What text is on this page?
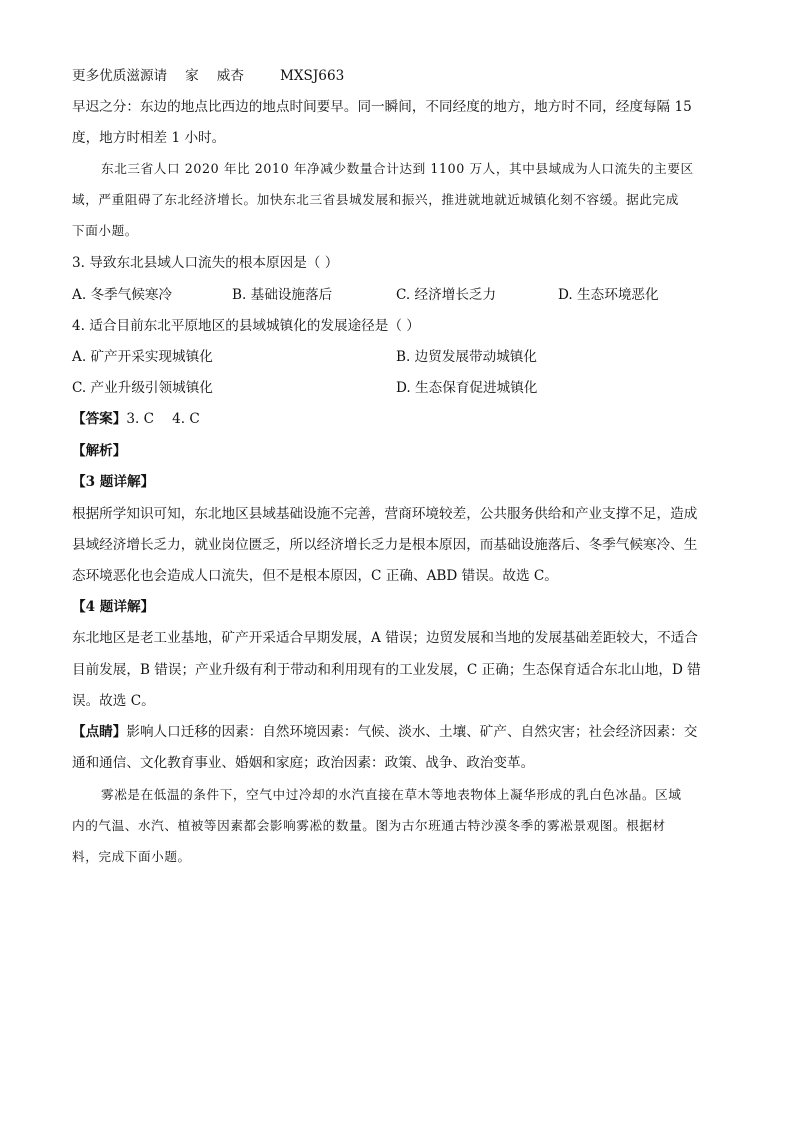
更多优质滋源请 家 威杏	MXSJ663
早迟之分：东边的地点比西边的地点时间要早。同一瞬间，不同经度的地方，地方时不同，经度每隔 15
度，地方时相差 1 小时。
东北三省人口 2020 年比 2010 年净减少数量合计达到 1100 万人，其中县域成为人口流失的主要区
域，严重阻碍了东北经济增长。加快东北三省县城发展和振兴，推进就地就近城镇化刻不容缓。据此完成
下面小题。
3. 导致东北县域人口流失的根本原因是（ ）
A. 冬季气候寒冷	B. 基础设施落后	C. 经济增长乏力	D. 生态环境恶化
4. 适合目前东北平原地区的县域城镇化的发展途径是（ ）
A. 矿产开采实现城镇化	B. 边贸发展带动城镇化
C. 产业升级引领城镇化	D. 生态保育促进城镇化
【答案】3. C 4. C
【解析】
【3 题详解】
根据所学知识可知，东北地区县域基础设施不完善，营商环境较差，公共服务供给和产业支撑不足，造成
县域经济增长乏力，就业岗位匮乏，所以经济增长乏力是根本原因，而基础设施落后、冬季气候寒冷、生
态环境恶化也会造成人口流失，但不是根本原因，C 正确、ABD 错误。故选 C。
【4 题详解】
东北地区是老工业基地，矿产开采适合早期发展，A 错误；边贸发展和当地的发展基础差距较大，不适合
目前发展，B 错误；产业升级有利于带动和利用现有的工业发展，C 正确；生态保育适合东北山地，D 错
误。故选 C。
【点睛】影响人口迁移的因素：自然环境因素：气候、淡水、土壤、矿产、自然灾害；社会经济因素：交
通和通信、文化教育事业、婚姻和家庭；政治因素：政策、战争、政治变革。
雾凇是在低温的条件下，空气中过冷却的水汽直接在草木等地表物体上凝华形成的乳白色冰晶。区域
内的气温、水汽、植被等因素都会影响雾凇的数量。图为古尔班通古特沙漠冬季的雾凇景观图。根据材
料，完成下面小题。
